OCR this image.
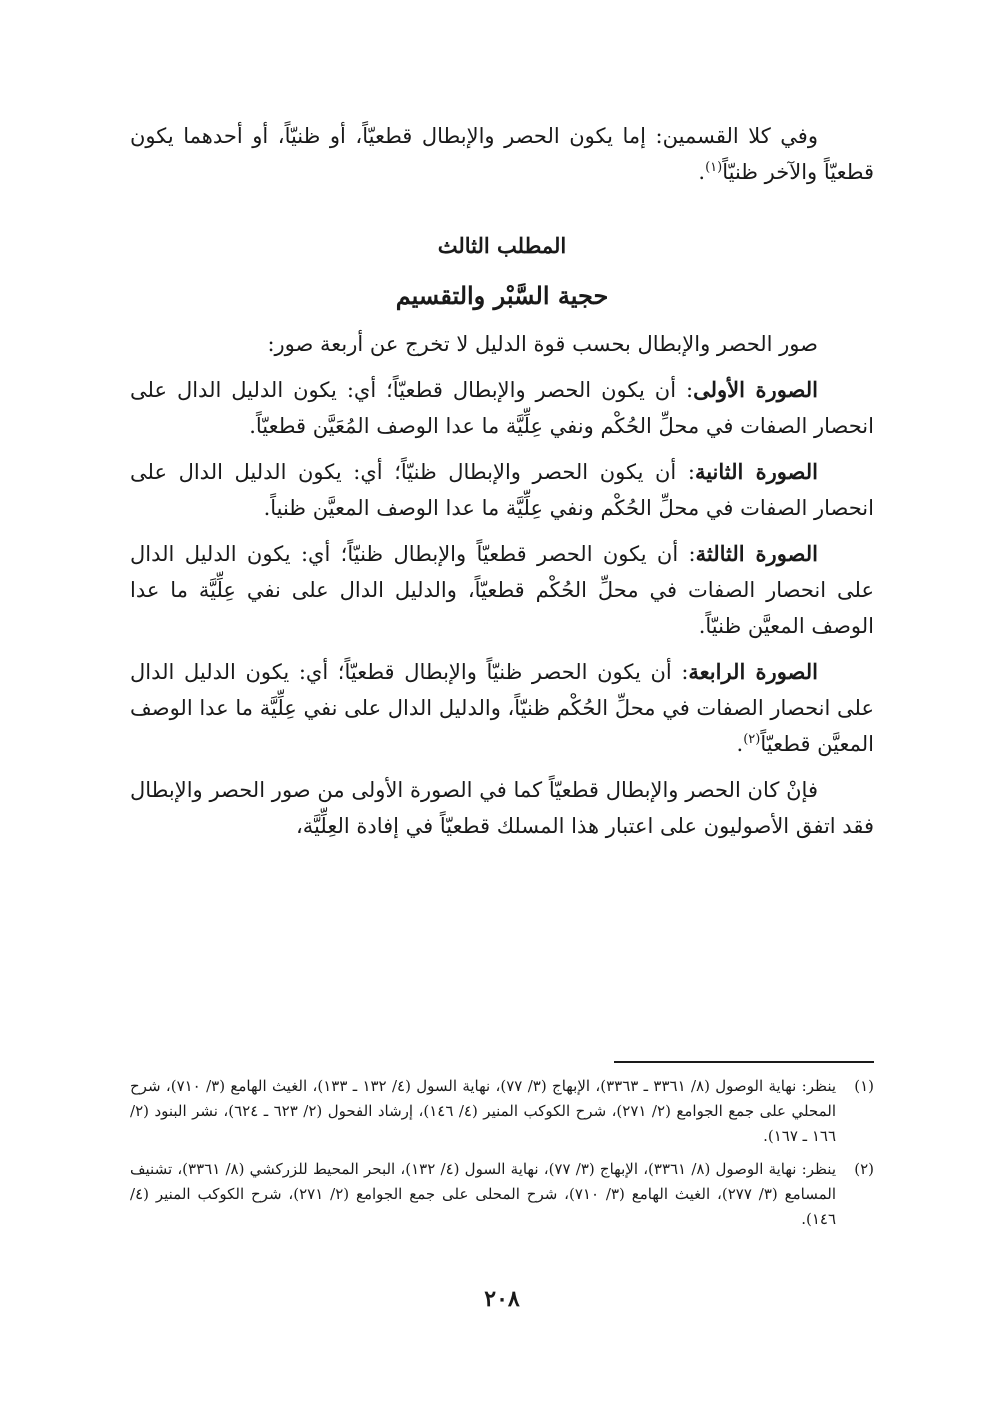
وفي كلا القسمين: إما يكون الحصر والإبطال قطعيّاً، أو ظنيّاً، أو أحدهما يكون قطعيّاً والآخر ظنيّاً$^{(١)}$.

المطلب الثالث
حجية السَّبْر والتقسيم

صور الحصر والإبطال بحسب قوة الدليل لا تخرج عن أربعة صور:

الصورة الأولى: أن يكون الحصر والإبطال قطعيّاً؛ أي: يكون الدليل الدال على انحصار الصفات في محلِّ الحُكْم ونفي عِلِّيَّة ما عدا الوصف المُعَيَّن قطعيّاً.

الصورة الثانية: أن يكون الحصر والإبطال ظنيّاً؛ أي: يكون الدليل الدال على انحصار الصفات في محلِّ الحُكْم ونفي عِلِّيَّة ما عدا الوصف المعيَّن ظنياً.

الصورة الثالثة: أن يكون الحصر قطعيّاً والإبطال ظنيّاً؛ أي: يكون الدليل الدال على انحصار الصفات في محلِّ الحُكْم قطعيّاً، والدليل الدال على نفي عِلِّيَّة ما عدا الوصف المعيَّن ظنيّاً.

الصورة الرابعة: أن يكون الحصر ظنيّاً والإبطال قطعيّاً؛ أي: يكون الدليل الدال على انحصار الصفات في محلِّ الحُكْم ظنيّاً، والدليل الدال على نفي عِلِّيَّة ما عدا الوصف المعيَّن قطعيّاً$^{(٢)}$.

فإنْ كان الحصر والإبطال قطعيّاً كما في الصورة الأولى من صور الحصر والإبطال فقد اتفق الأصوليون على اعتبار هذا المسلك قطعيّاً في إفادة العِلِّيَّة،

(١)
ينظر: نهاية الوصول (٨/ ٣٣٦١ ـ ٣٣٦٣)، الإبهاج (٣/ ٧٧)، نهاية السول (٤/ ١٣٢ ـ ١٣٣)، الغيث الهامع (٣/ ٧١٠)، شرح المحلي على جمع الجوامع (٢/ ٢٧١)، شرح الكوكب المنير (٤/ ١٤٦)، إرشاد الفحول (٢/ ٦٢٣ ـ ٦٢٤)، نشر البنود (٢/ ١٦٦ ـ ١٦٧).
(٢)
ينظر: نهاية الوصول (٨/ ٣٣٦١)، الإبهاج (٣/ ٧٧)، نهاية السول (٤/ ١٣٢)، البحر المحيط للزركشي (٨/ ٣٣٦١)، تشنيف المسامع (٣/ ٢٧٧)، الغيث الهامع (٣/ ٧١٠)، شرح المحلى على جمع الجوامع (٢/ ٢٧١)، شرح الكوكب المنير (٤/ ١٤٦).
٢٠٨
